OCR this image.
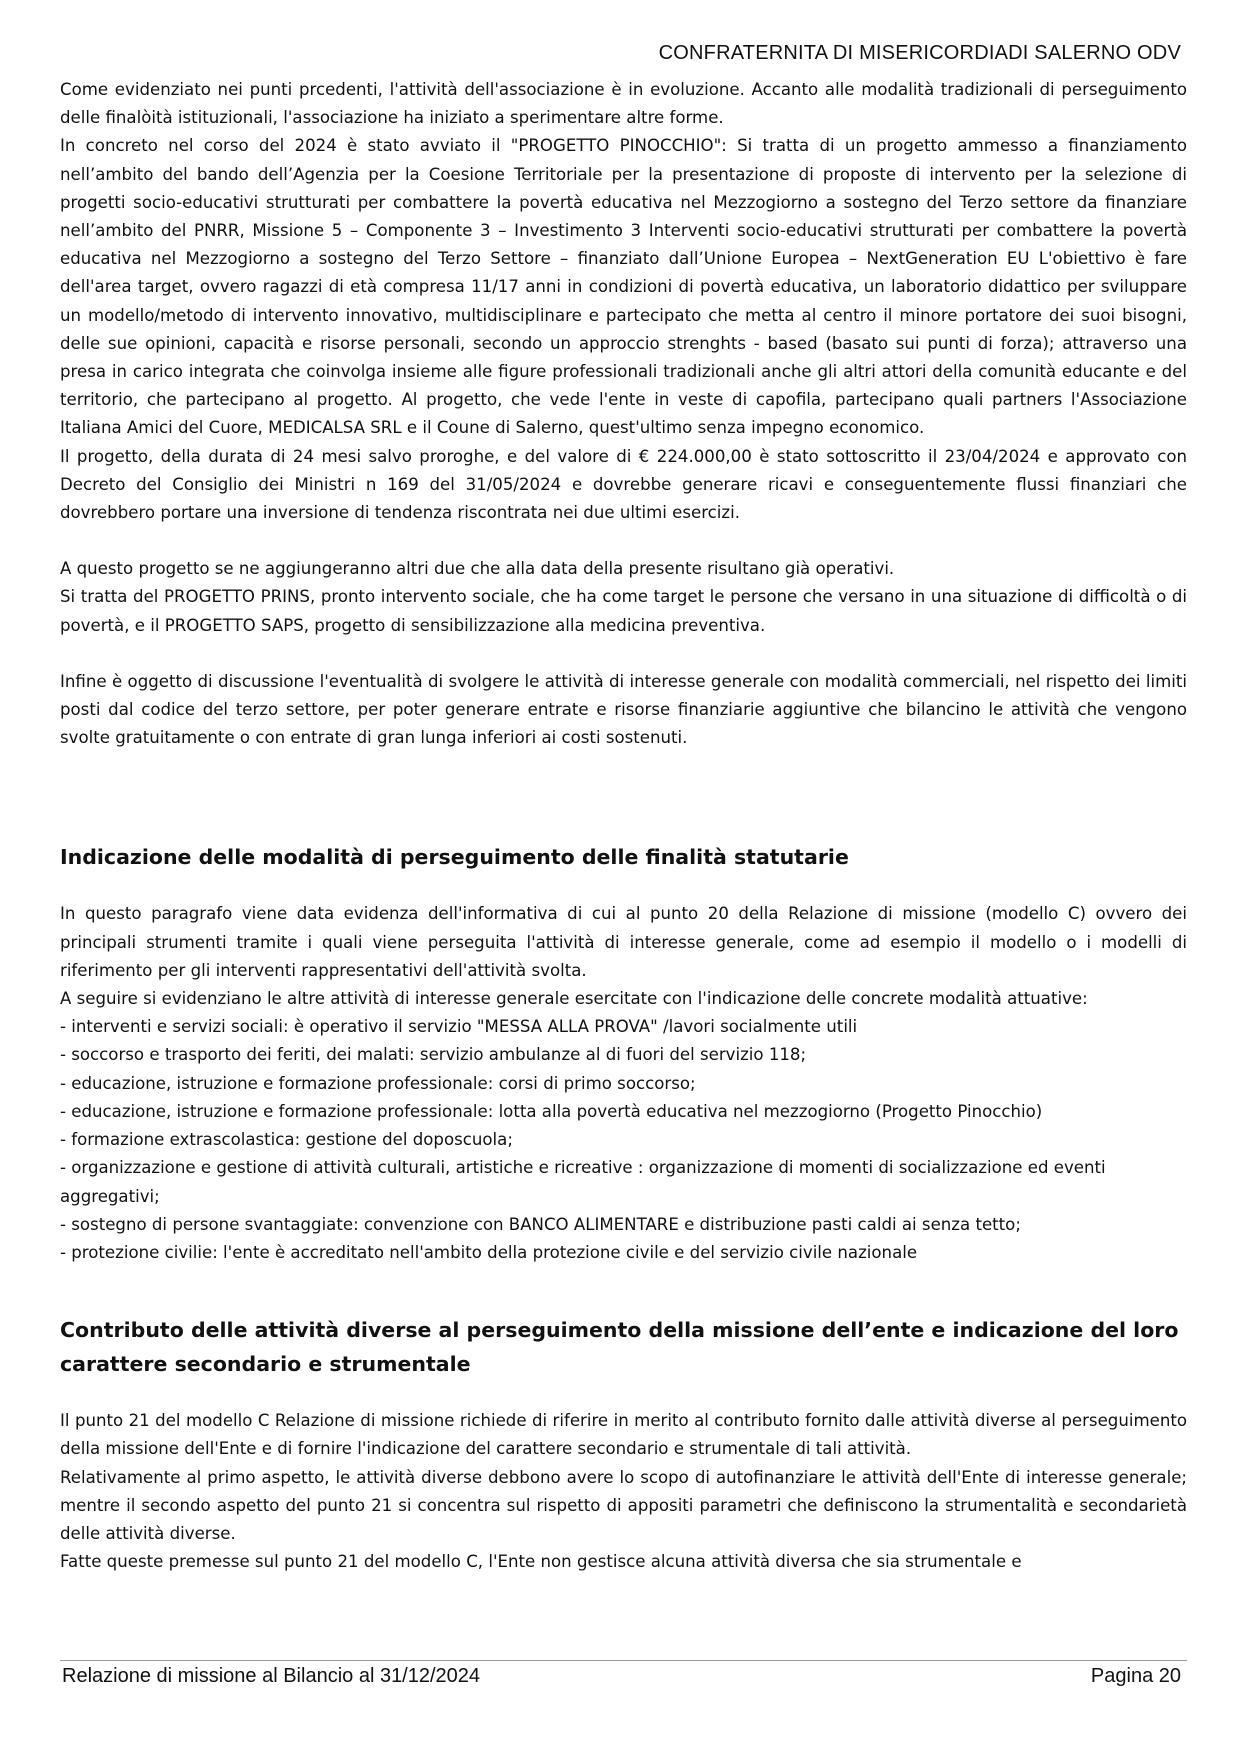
CONFRATERNITA DI MISERICORDIADI SALERNO ODV

Come evidenziato nei punti prcedenti, l'attività dell'associazione è in evoluzione. Accanto alle modalità tradizionali di perseguimento delle finalòità istituzionali, l'associazione ha iniziato a sperimentare altre forme.

In concreto nel corso del 2024 è stato avviato il "PROGETTO PINOCCHIO": Si tratta di un progetto ammesso a finanziamento nell’ambito del bando dell’Agenzia per la Coesione Territoriale per la presentazione di proposte di intervento per la selezione di progetti socio-educativi strutturati per combattere la povertà educativa nel Mezzogiorno a sostegno del Terzo settore da finanziare nell’ambito del PNRR, Missione 5 – Componente 3 – Investimento 3 Interventi socio-educativi strutturati per combattere la povertà educativa nel Mezzogiorno a sostegno del Terzo Settore – finanziato dall’Unione Europea – NextGeneration EU L'obiettivo è fare dell'area target, ovvero ragazzi di età compresa 11/17 anni in condizioni di povertà educativa, un laboratorio didattico per sviluppare un modello/metodo di intervento innovativo, multidisciplinare e partecipato che metta al centro il minore portatore dei suoi bisogni, delle sue opinioni, capacità e risorse personali, secondo un approccio strenghts - based (basato sui punti di forza); attraverso una presa in carico integrata che coinvolga insieme alle figure professionali tradizionali anche gli altri attori della comunità educante e del territorio, che partecipano al progetto. Al progetto, che vede l'ente in veste di capofila, partecipano quali partners l'Associazione Italiana Amici del Cuore, MEDICALSA SRL e il Coune di Salerno, quest'ultimo senza impegno economico.

Il progetto, della durata di 24 mesi salvo proroghe, e del valore di € 224.000,00 è stato sottoscritto il 23/04/2024 e approvato con Decreto del Consiglio dei Ministri n 169 del 31/05/2024 e dovrebbe generare ricavi e conseguentemente flussi finanziari che dovrebbero portare una inversione di tendenza riscontrata nei due ultimi esercizi.

A questo progetto se ne aggiungeranno altri due che alla data della presente risultano già operativi.

Si tratta del PROGETTO PRINS, pronto intervento sociale, che ha come target le persone che versano in una situazione di difficoltà o di povertà, e il PROGETTO SAPS, progetto di sensibilizzazione alla medicina preventiva.

Infine è oggetto di discussione l'eventualità di svolgere le attività di interesse generale con modalità commerciali, nel rispetto dei limiti posti dal codice del terzo settore, per poter generare entrate e risorse finanziarie aggiuntive che bilancino le attività che vengono svolte gratuitamente o con entrate di gran lunga inferiori ai costi sostenuti.

Indicazione delle modalità di perseguimento delle finalità statutarie

In questo paragrafo viene data evidenza dell'informativa di cui al punto 20 della Relazione di missione (modello C) ovvero dei principali strumenti tramite i quali viene perseguita l'attività di interesse generale, come ad esempio il modello o i modelli di riferimento per gli interventi rappresentativi dell'attività svolta.

A seguire si evidenziano le altre attività di interesse generale esercitate con l'indicazione delle concrete modalità attuative:

- interventi e servizi sociali: è operativo il servizio "MESSA ALLA PROVA" /lavori socialmente utili

- soccorso e trasporto dei feriti, dei malati: servizio ambulanze al di fuori del servizio 118;

- educazione, istruzione e formazione professionale: corsi di primo soccorso;

- educazione, istruzione e formazione professionale: lotta alla povertà educativa nel mezzogiorno (Progetto Pinocchio)

- formazione extrascolastica: gestione del doposcuola;

- organizzazione e gestione di attività culturali, artistiche e ricreative : organizzazione di momenti di socializzazione ed eventi aggregativi;

- sostegno di persone svantaggiate: convenzione con BANCO ALIMENTARE e distribuzione pasti caldi ai senza tetto;

- protezione civilie: l'ente è accreditato nell'ambito della protezione civile e del servizio civile nazionale

Contributo delle attività diverse al perseguimento della missione dell’ente e indicazione del loro carattere secondario e strumentale

Il punto 21 del modello C Relazione di missione richiede di riferire in merito al contributo fornito dalle attività diverse al perseguimento della missione dell'Ente e di fornire l'indicazione del carattere secondario e strumentale di tali attività.

Relativamente al primo aspetto, le attività diverse debbono avere lo scopo di autofinanziare le attività dell'Ente di interesse generale; mentre il secondo aspetto del punto 21 si concentra sul rispetto di appositi parametri che definiscono la strumentalità e secondarietà delle attività diverse.

Fatte queste premesse sul punto 21 del modello C, l'Ente non gestisce alcuna attività diversa che sia strumentale e

Relazione di missione al Bilancio al 31/12/2024	Pagina 20
